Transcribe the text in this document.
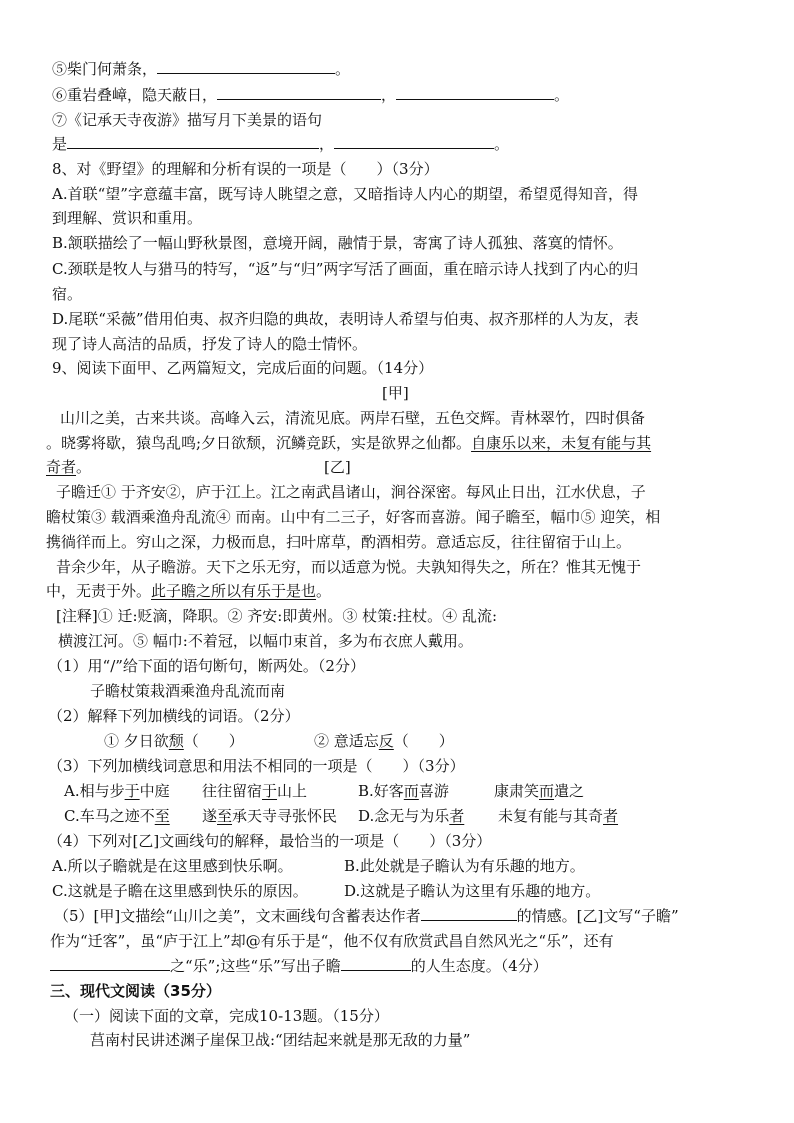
⑤柴门何萧条，	。
⑥重岩叠嶂，隐天蔽日，	，	。
⑦《记承天寺夜游》描写月下美景的语句
是	，	。
8、对《野望》的理解和分析有误的一项是（　　）（3分）
A.首联“望”字意蕴丰富，既写诗人眺望之意，又暗指诗人内心的期望，希望觅得知音，得
到理解、赏识和重用。
B.颔联描绘了一幅山野秋景图，意境开阔，融情于景，寄寓了诗人孤独、落寞的情怀。
C.颈联是牧人与猎马的特写，“返”与“归”两字写活了画面，重在暗示诗人找到了内心的归
宿。
D.尾联“采薇”借用伯夷、叔齐归隐的典故，表明诗人希望与伯夷、叔齐那样的人为友，表
现了诗人高洁的品质，抒发了诗人的隐士情怀。
9、阅读下面甲、乙两篇短文，完成后面的问题。（14分）
[甲]
山川之美，古来共谈。高峰入云，清流见底。两岸石壁，五色交辉。青林翠竹，四时俱备
。晓雾将歇，猿鸟乱鸣;夕日欲颓，沉鳞竞跃，实是欲界之仙都。自康乐以来，未复有能与其
奇者。	[乙]
子瞻迁① 于齐安②，庐于江上。江之南武昌诸山，涧谷深密。每风止日出，江水伏息，子
瞻杖策③ 载酒乘渔舟乱流④ 而南。山中有二三子，好客而喜游。闻子瞻至，幅巾⑤ 迎笑，相
携徜徉而上。穷山之深，力极而息，扫叶席草，酌酒相劳。意适忘反，往往留宿于山上。
昔余少年，从子瞻游。天下之乐无穷，而以适意为悦。夫孰知得失之，所在？惟其无愧于
中，无责于外。此子瞻之所以有乐于是也。
[注释]① 迁:贬滴，降职。② 齐安:即黄州。③ 杖策:拄杖。④ 乱流:
横渡江河。⑤ 幅巾:不着冠，以幅巾束首，多为布衣庶人戴用。
（1）用“/”给下面的语句断句，断两处。（2分）
子瞻杖策栽酒乘渔舟乱流而南
（2）解释下列加横线的词语。（2分）
① 夕日欲颓（　　）	② 意适忘反（　　）
（3）下列加横线词意思和用法不相同的一项是（　　）（3分）
A.相与步于中庭 往往留宿于山上	B.好客而喜游	康肃笑而遣之
C.车马之迹不至 遂至承天寺寻张怀民 D.念无与为乐者 未复有能与其奇者
（4）下列对[乙]文画线句的解释，最恰当的一项是（　　）（3分）
A.所以子瞻就是在这里感到快乐啊。	B.此处就是子瞻认为有乐趣的地方。
C.这就是子瞻在这里感到快乐的原因。 D.这就是子瞻认为这里有乐趣的地方。
（5）[甲]文描绘“山川之美”，文末画线句含蓄表达作者	的情感。[乙]文写“子瞻”
作为“迁客”，虽“庐于江上”却@有乐于是“，他不仅有欣赏武昌自然风光之“乐”，还有
之“乐”;这些“乐”写出子瞻	的人生态度。（4分）
三、现代文阅读（35分）
（一）阅读下面的文章，完成10-13题。（15分）
莒南村民讲述渊子崖保卫战:“团结起来就是那无敌的力量”
